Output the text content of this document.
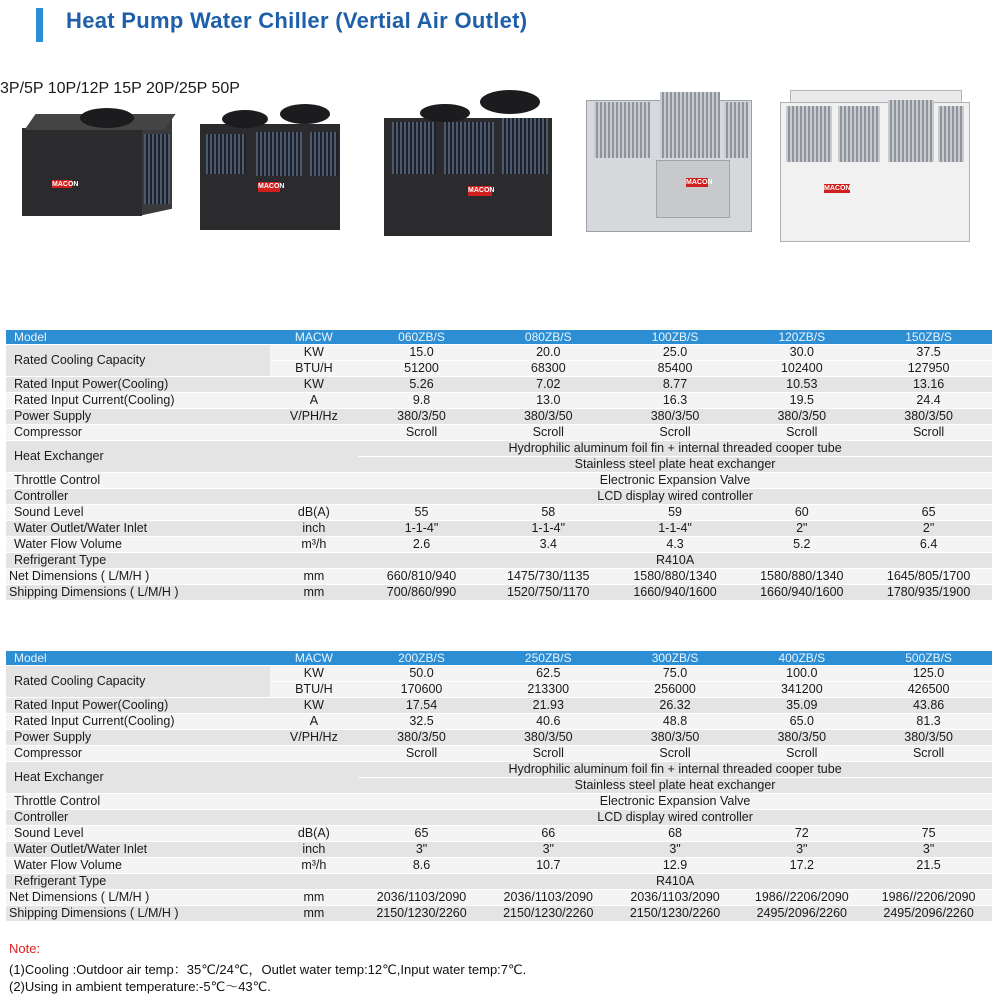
Heat Pump Water Chiller (Vertial Air Outlet)
MACON	MACON
MACON
MACON
MACON
3P/5P 10P/12P 15P 20P/25P 50P
Model	MACW	060ZB/S	080ZB/S	100ZB/S	120ZB/S	150ZB/S
Rated Cooling Capacity	KW	15.0	20.0	25.0	30.0	37.5
	BTU/H	51200	68300	85400	102400	127950
Rated Input Power(Cooling)	KW	5.26	7.02	8.77	10.53	13.16
Rated Input Current(Cooling)	A	9.8	13.0	16.3	19.5	24.4
Power Supply	V/PH/Hz	380/3/50	380/3/50	380/3/50	380/3/50	380/3/50
Compressor		Scroll	Scroll	Scroll	Scroll	Scroll
Heat Exchanger		Hydrophilic aluminum foil fin + internal threaded cooper tube				
		Stainless steel plate heat exchanger				
Throttle Control		Electronic Expansion Valve				
Controller		LCD display wired controller				
Sound Level	dB(A)	55	58	59	60	65
Water Outlet/Water Inlet	inch	1-1-4"	1-1-4"	1-1-4"	2"	2"
Water Flow Volume	m³/h	2.6	3.4	4.3	5.2	6.4
Refrigerant Type		R410A				
Net Dimensions ( L/M/H )	mm	660/810/940	1475/730/1135	1580/880/1340	1580/880/1340	1645/805/1700
Shipping Dimensions ( L/M/H )	mm	700/860/990	1520/750/1170	1660/940/1600	1660/940/1600	1780/935/1900
Model	MACW	200ZB/S	250ZB/S	300ZB/S	400ZB/S	500ZB/S
Rated Cooling Capacity	KW	50.0	62.5	75.0	100.0	125.0
	BTU/H	170600	213300	256000	341200	426500
Rated Input Power(Cooling)	KW	17.54	21.93	26.32	35.09	43.86
Rated Input Current(Cooling)	A	32.5	40.6	48.8	65.0	81.3
Power Supply	V/PH/Hz	380/3/50	380/3/50	380/3/50	380/3/50	380/3/50
Compressor		Scroll	Scroll	Scroll	Scroll	Scroll
Heat Exchanger		Hydrophilic aluminum foil fin + internal threaded cooper tube				
		Stainless steel plate heat exchanger				
Throttle Control		Electronic Expansion Valve				
Controller		LCD display wired controller				
Sound Level	dB(A)	65	66	68	72	75
Water Outlet/Water Inlet	inch	3"	3"	3"	3"	3"
Water Flow Volume	m³/h	8.6	10.7	12.9	17.2	21.5
Refrigerant Type		R410A				
Net Dimensions ( L/M/H )	mm	2036/1103/2090	2036/1103/2090	2036/1103/2090	1986//2206/2090	1986//2206/2090
Shipping Dimensions ( L/M/H )	mm	2150/1230/2260	2150/1230/2260	2150/1230/2260	2495/2096/2260	2495/2096/2260
Note:
(1)Cooling :Outdoor air temp：35℃/24℃，Outlet water temp:12℃,Input water temp:7℃.
(2)Using in ambient temperature:-5℃～43℃.
